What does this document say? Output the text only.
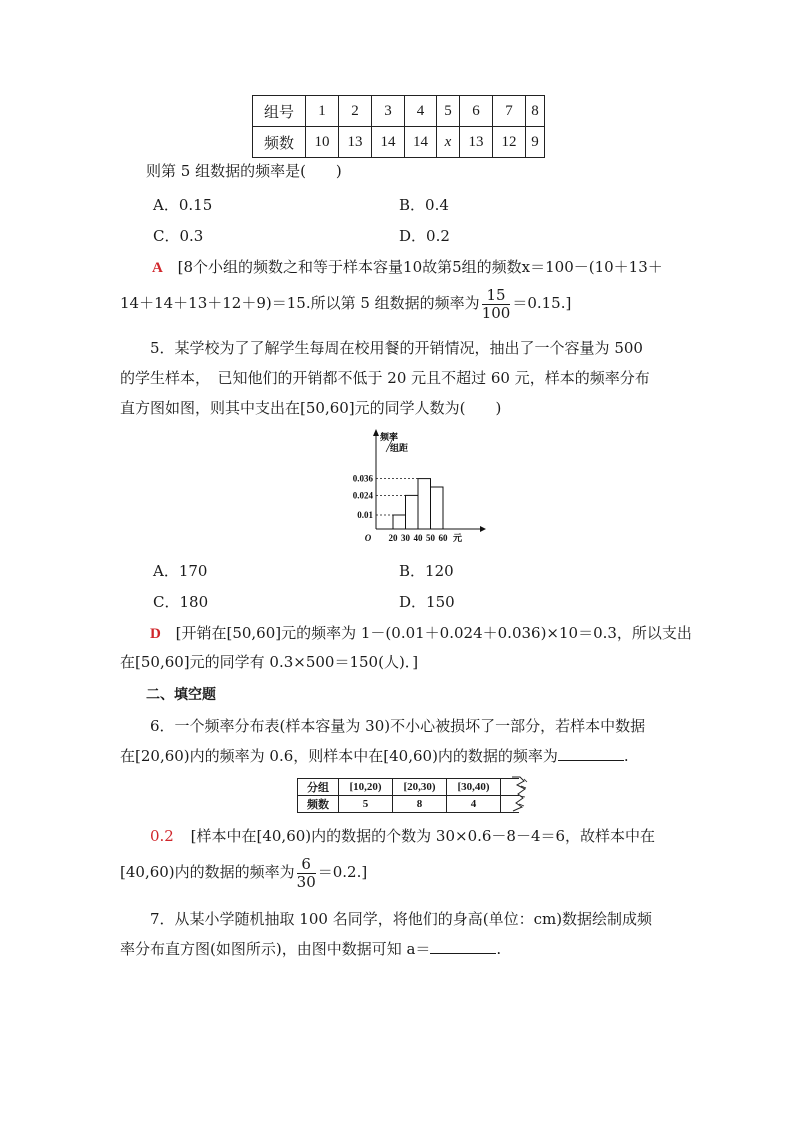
组号	1	2	3	4	5	6	7	8
频数	10	13	14	14	x	13	12	9
则第 5 组数据的频率是(　　)
A．0.15	B．0.4
C．0.3	D．0.2
A [8个小组的频数之和等于样本容量10故第5组的频数x＝100－(10＋13＋
14＋14＋13＋12＋9)＝15.所以第 5 组数据的频率为 $\frac{15}{100} =0.15$.]
5．某学校为了了解学生每周在校用餐的开销情况，抽出了一个容量为 500
的学生样本，　已知他们的开销都不低于 20 元且不超过 60 元，样本的频率分布
直方图如图，则其中支出在[50,60]元的同学人数为(　　)
频率
组距
0.01
0.024
0.036
20 30 40 50 60
O	元
A．170	B．120
C．180	D．150
D [开销在[50,60]元的频率为 1－(0.01＋0.024＋0.036)×10＝0.3，所以支出
在[50,60]元的同学有 0.3×500＝150(人)．]
二、填空题
6．一个频率分布表(样本容量为 30)不小心被损坏了一部分，若样本中数据
在[20,60)内的频率为 0.6，则样本中在[40,60)内的数据的频率为	.
分组	[10,20)	[20,30)	[30,40)	
频数	5	8	4	
0.2 [样本中在[40,60)内的数据的个数为 30×0.6－8－4＝6，故样本中在
[40,60)内的数据的频率为 $\frac{6}{30} =0.2$.]
7．从某小学随机抽取 100 名同学，将他们的身高(单位：cm)数据绘制成频
率分布直方图(如图所示)，由图中数据可知 a＝	.
